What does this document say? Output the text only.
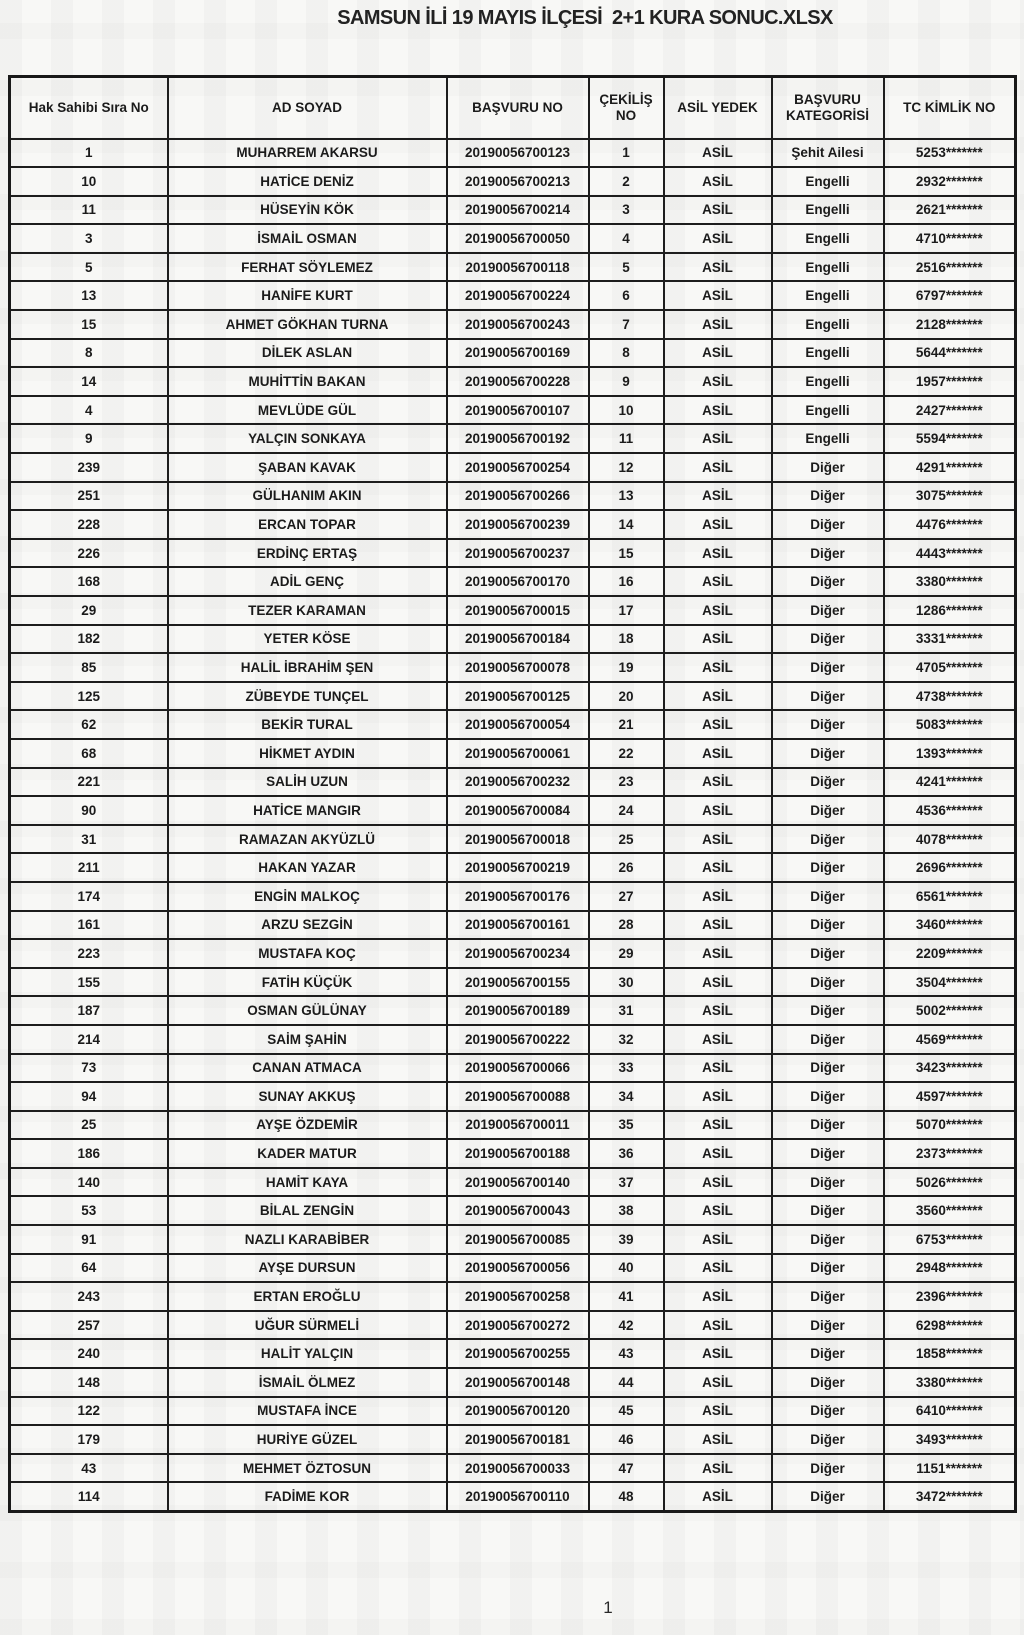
SAMSUN İLİ 19 MAYIS İLÇESİ  2+1 KURA SONUC.XLSX
Hak Sahibi Sıra No	AD SOYAD	BAŞVURU NO	ÇEKİLİŞ NO	ASİL YEDEK	BAŞVURU KATEGORİSİ	TC KİMLİK NO
1	MUHARREM AKARSU	20190056700123	1	ASİL	Şehit Ailesi	5253*******
10	HATİCE DENİZ	20190056700213	2	ASİL	Engelli	2932*******
11	HÜSEYİN KÖK	20190056700214	3	ASİL	Engelli	2621*******
3	İSMAİL OSMAN	20190056700050	4	ASİL	Engelli	4710*******
5	FERHAT SÖYLEMEZ	20190056700118	5	ASİL	Engelli	2516*******
13	HANİFE KURT	20190056700224	6	ASİL	Engelli	6797*******
15	AHMET GÖKHAN TURNA	20190056700243	7	ASİL	Engelli	2128*******
8	DİLEK ASLAN	20190056700169	8	ASİL	Engelli	5644*******
14	MUHİTTİN BAKAN	20190056700228	9	ASİL	Engelli	1957*******
4	MEVLÜDE GÜL	20190056700107	10	ASİL	Engelli	2427*******
9	YALÇIN SONKAYA	20190056700192	11	ASİL	Engelli	5594*******
239	ŞABAN KAVAK	20190056700254	12	ASİL	Diğer	4291*******
251	GÜLHANIM AKIN	20190056700266	13	ASİL	Diğer	3075*******
228	ERCAN TOPAR	20190056700239	14	ASİL	Diğer	4476*******
226	ERDİNÇ ERTAŞ	20190056700237	15	ASİL	Diğer	4443*******
168	ADİL GENÇ	20190056700170	16	ASİL	Diğer	3380*******
29	TEZER KARAMAN	20190056700015	17	ASİL	Diğer	1286*******
182	YETER KÖSE	20190056700184	18	ASİL	Diğer	3331*******
85	HALİL İBRAHİM ŞEN	20190056700078	19	ASİL	Diğer	4705*******
125	ZÜBEYDE TUNÇEL	20190056700125	20	ASİL	Diğer	4738*******
62	BEKİR TURAL	20190056700054	21	ASİL	Diğer	5083*******
68	HİKMET AYDIN	20190056700061	22	ASİL	Diğer	1393*******
221	SALİH UZUN	20190056700232	23	ASİL	Diğer	4241*******
90	HATİCE MANGIR	20190056700084	24	ASİL	Diğer	4536*******
31	RAMAZAN AKYÜZLÜ	20190056700018	25	ASİL	Diğer	4078*******
211	HAKAN YAZAR	20190056700219	26	ASİL	Diğer	2696*******
174	ENGİN MALKOÇ	20190056700176	27	ASİL	Diğer	6561*******
161	ARZU SEZGİN	20190056700161	28	ASİL	Diğer	3460*******
223	MUSTAFA KOÇ	20190056700234	29	ASİL	Diğer	2209*******
155	FATİH KÜÇÜK	20190056700155	30	ASİL	Diğer	3504*******
187	OSMAN GÜLÜNAY	20190056700189	31	ASİL	Diğer	5002*******
214	SAİM ŞAHİN	20190056700222	32	ASİL	Diğer	4569*******
73	CANAN ATMACA	20190056700066	33	ASİL	Diğer	3423*******
94	SUNAY AKKUŞ	20190056700088	34	ASİL	Diğer	4597*******
25	AYŞE ÖZDEMİR	20190056700011	35	ASİL	Diğer	5070*******
186	KADER MATUR	20190056700188	36	ASİL	Diğer	2373*******
140	HAMİT KAYA	20190056700140	37	ASİL	Diğer	5026*******
53	BİLAL ZENGİN	20190056700043	38	ASİL	Diğer	3560*******
91	NAZLI KARABİBER	20190056700085	39	ASİL	Diğer	6753*******
64	AYŞE DURSUN	20190056700056	40	ASİL	Diğer	2948*******
243	ERTAN EROĞLU	20190056700258	41	ASİL	Diğer	2396*******
257	UĞUR SÜRMELİ	20190056700272	42	ASİL	Diğer	6298*******
240	HALİT YALÇIN	20190056700255	43	ASİL	Diğer	1858*******
148	İSMAİL ÖLMEZ	20190056700148	44	ASİL	Diğer	3380*******
122	MUSTAFA İNCE	20190056700120	45	ASİL	Diğer	6410*******
179	HURİYE GÜZEL	20190056700181	46	ASİL	Diğer	3493*******
43	MEHMET ÖZTOSUN	20190056700033	47	ASİL	Diğer	1151*******
114	FADİME KOR	20190056700110	48	ASİL	Diğer	3472*******
1
